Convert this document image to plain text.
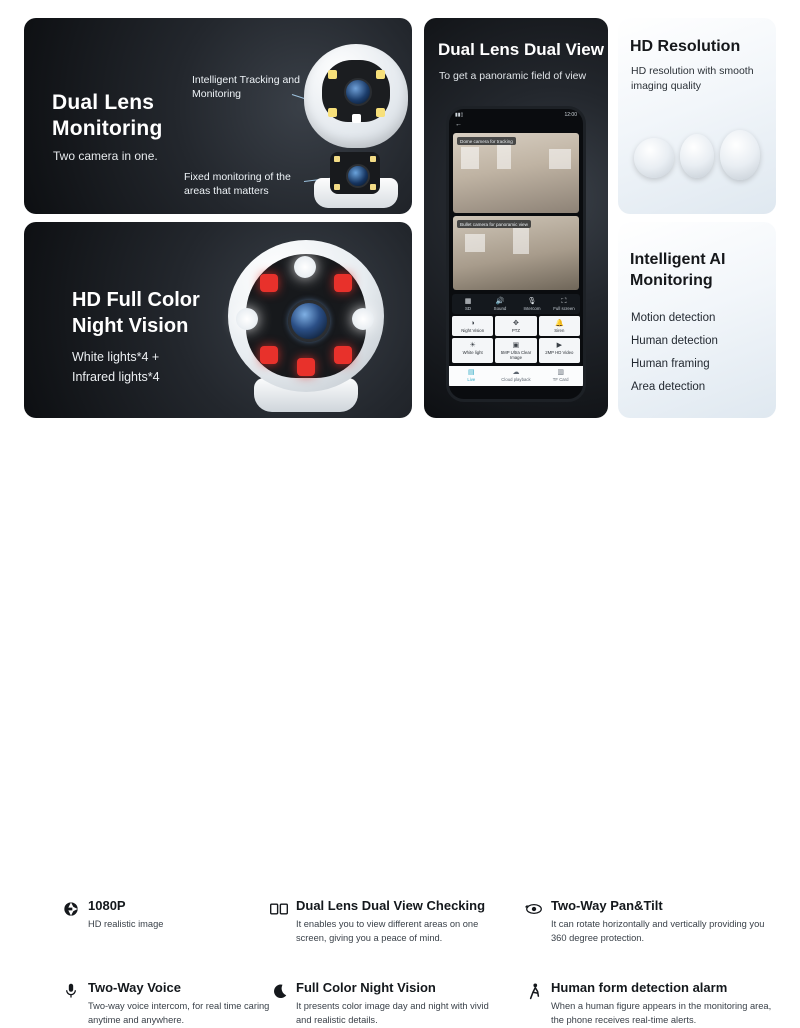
Dual Lens
Monitoring
Two camera in one.
Intelligent Tracking and Monitoring
Fixed monitoring of the areas that matters
HD Full Color
Night Vision
White lights*4 +
Infrared lights*4
Dual Lens Dual View
To get a panoramic field of view
▮▮▯	12:00
←
Dome camera for tracking
Bullet camera for panoramic view
▦
SD
🔊
Sound
🎙
Intercom
⛶
Full screen
◑
Night Vision
✥
PTZ
🔔
Siren
☀
White light
▣
5MP Ultra Clear Image
▶
2MP HD Video
▤
Live
☁
Cloud playback
▥
TF Card
HD Resolution
HD resolution with smooth imaging quality
Intelligent AI
Monitoring
Motion detection
Human detection
Human framing
Area detection
1080P
HD realistic image
Dual Lens Dual View Checking
It enables you to view different areas on one screen, giving you a peace of mind.
Two-Way Pan&Tilt
It can rotate horizontally and vertically providing you 360 degree protection.
Two-Way Voice
Two-way voice intercom, for real time caring anytime and anywhere.
Full Color Night Vision
It presents color image day and night with vivid and realistic details.
Human form detection alarm
When a human figure appears in the monitoring area, the phone receives real-time alerts.
